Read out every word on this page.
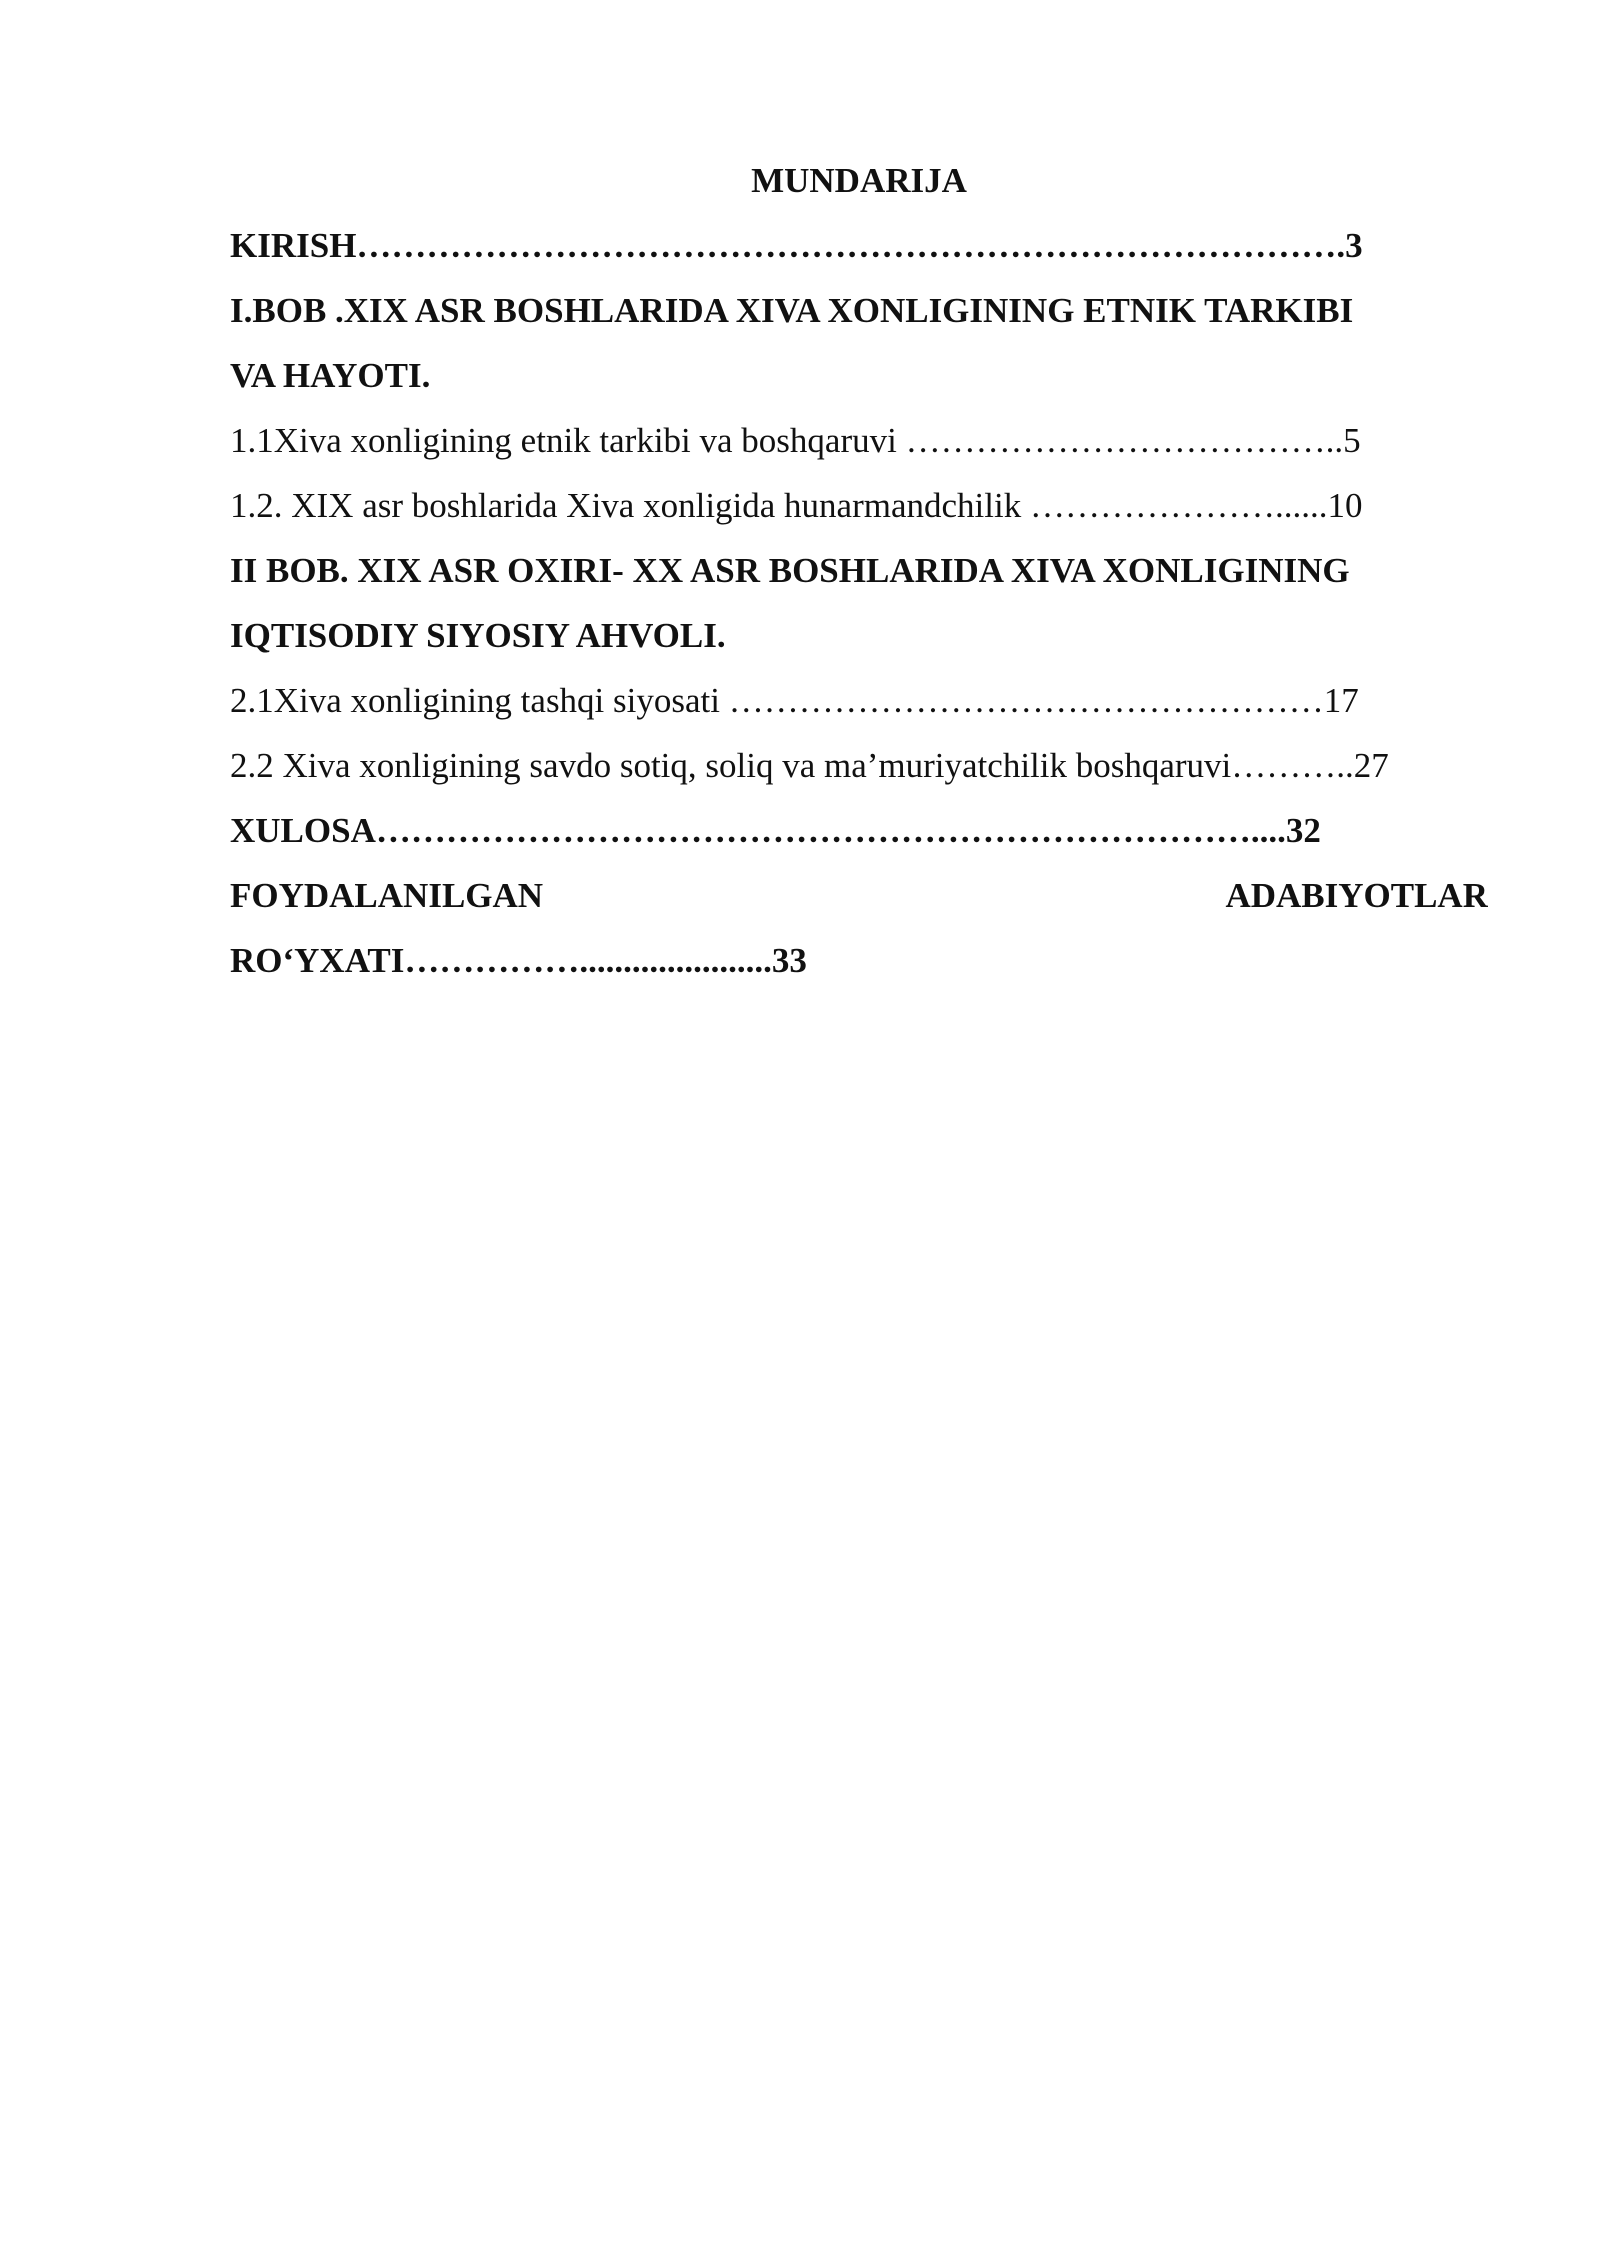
MUNDARIJA
KIRISH………………………………………………………………………….3
I.BOB .XIX ASR BOSHLARIDA XIVA XONLIGINING ETNIK TARKIBI
VA HAYOTI.
1.1Xiva xonligining etnik tarkibi va boshqaruvi ………………………………..5
1.2. XIX asr boshlarida Xiva xonligida hunarmandchilik …………………......10
II BOB. XIX ASR OXIRI- XX ASR BOSHLARIDA XIVA XONLIGINING
IQTISODIY SIYOSIY AHVOLI.
2.1Xiva xonligining tashqi siyosati ……………………………………………17
2.2 Xiva xonligining savdo sotiq, soliq va ma’muriyatchilik boshqaruvi………..27
XULOSA…………………………………………………………………....32
FOYDALANILGAN	ADABIYOTLAR
RO‘YXATI……………......................33
